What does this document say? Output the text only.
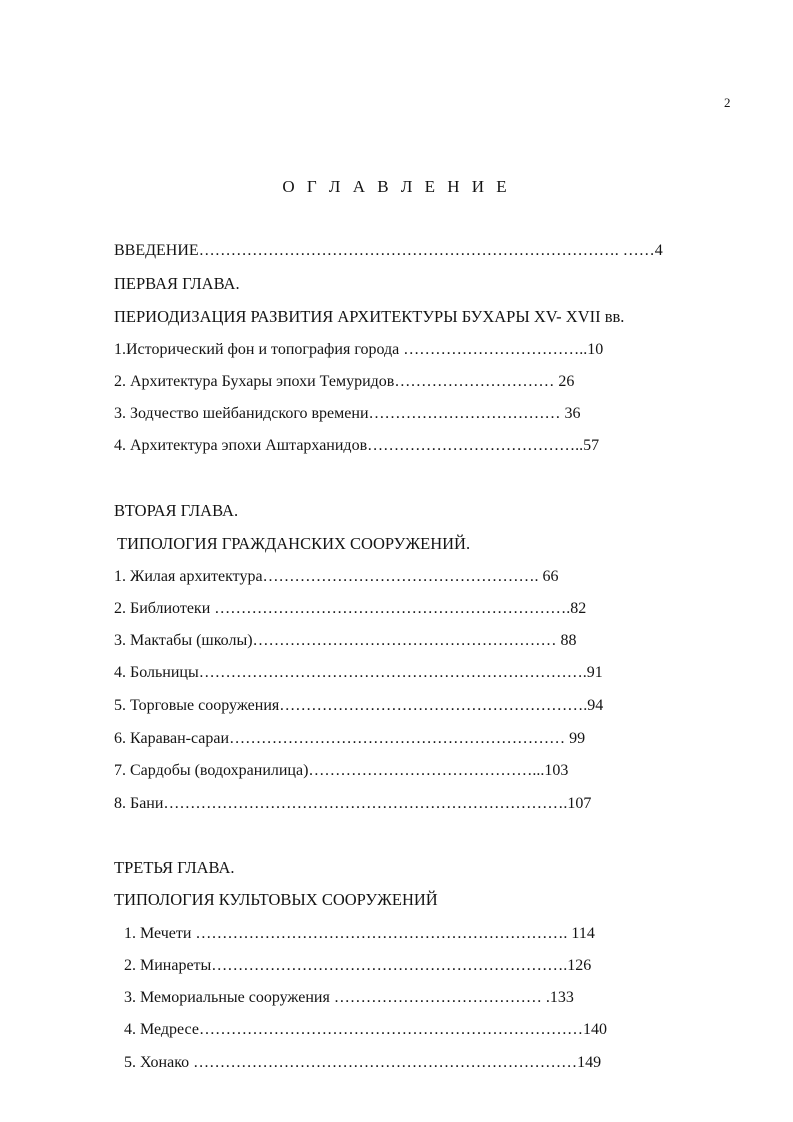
2
О Г Л А В Л Е Н И Е
ВВЕДЕНИЕ……………………………………………………………………. ……4
ПЕРВАЯ ГЛАВА.
ПЕРИОДИЗАЦИЯ РАЗВИТИЯ АРХИТЕКТУРЫ БУХАРЫ XV- XVII вв.
1.Исторический фон и топография города ……………………………..10
2. Архитектура Бухары эпохи Темуридов………………………… 26
3. Зодчество шейбанидского времени……………………………… 36
4. Архитектура эпохи Аштарханидов…………………………………..57
ВТОРАЯ ГЛАВА.
ТИПОЛОГИЯ ГРАЖДАНСКИХ СООРУЖЕНИЙ.
1. Жилая архитектура……………………………………………. 66
2. Библиотеки ………………………………………………………….82
3. Мактабы (школы)………………………………………………… 88
4. Больницы……………………………………………………………….91
5. Торговые сооружения………………………………………………….94
6. Караван-сараи……………………………………………………… 99
7. Сардобы (водохранилица)……………………………………...103
8. Бани………………………………………………………………….107
ТРЕТЬЯ ГЛАВА.
ТИПОЛОГИЯ КУЛЬТОВЫХ СООРУЖЕНИЙ
1. Мечети ……………………………………………………………. 114
2. Минареты………………………………………………………….126
3. Мемориальные сооружения ………………………………… .133
4. Медресе………………………………………………………………140
5. Хонако ………………………………………………………………149
